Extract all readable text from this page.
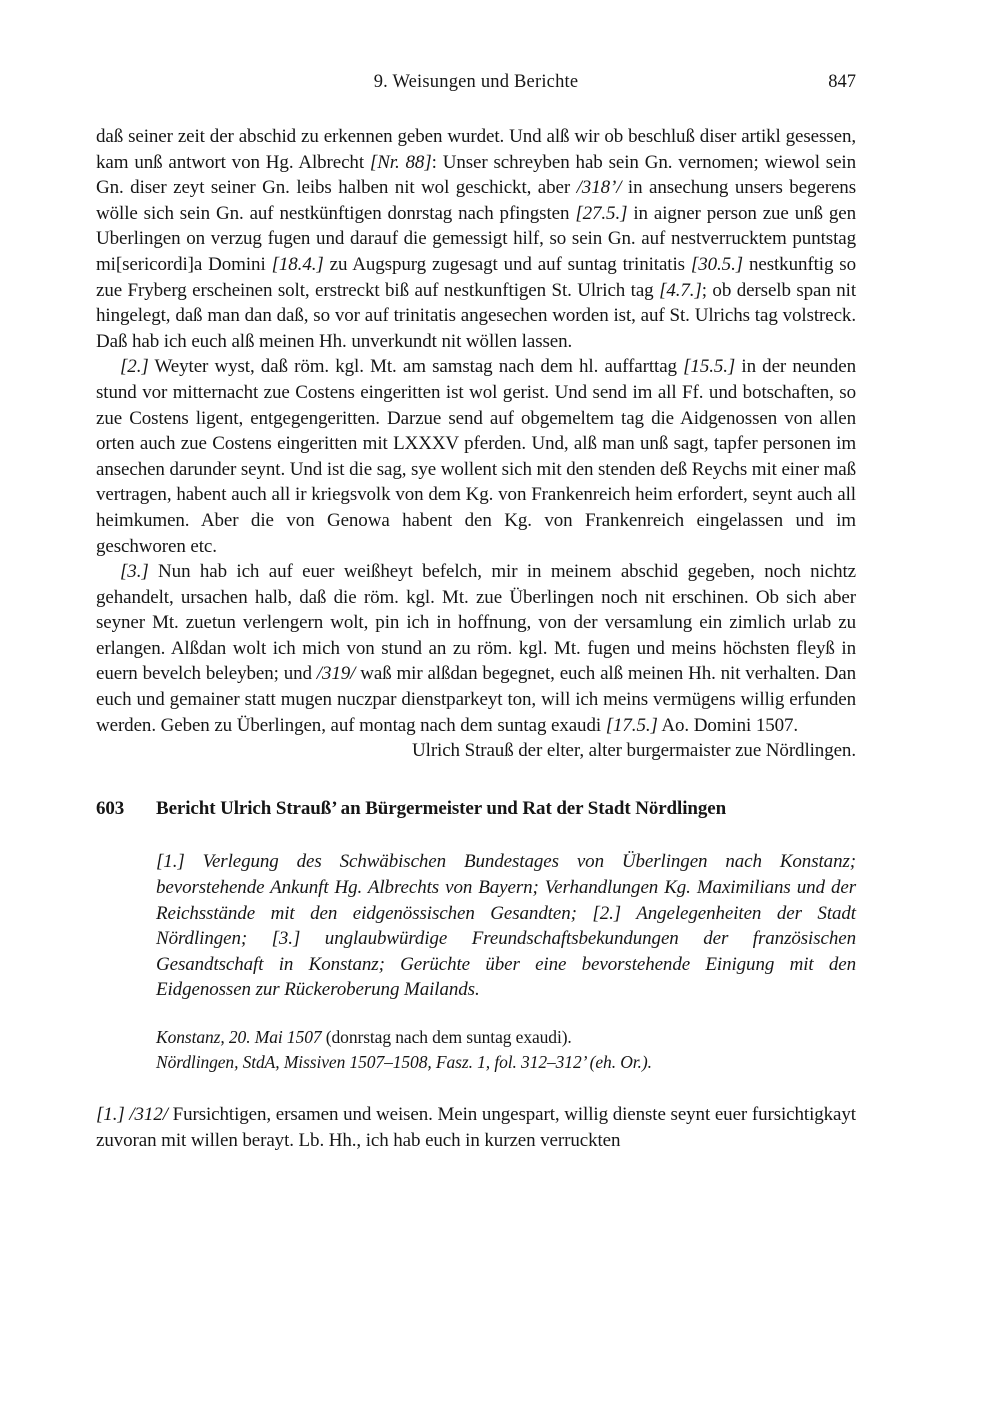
9. Weisungen und Berichte	847

daß seiner zeit der abschid zu erkennen geben wurdet. Und alß wir ob beschluß diser artikl gesessen, kam unß antwort von Hg. Albrecht [Nr. 88]: Unser schreyben hab sein Gn. vernomen; wiewol sein Gn. diser zeyt seiner Gn. leibs halben nit wol geschickt, aber /318’/ in ansechung unsers begerens wölle sich sein Gn. auf nestkünftigen donrstag nach pfingsten [27.5.] in aigner person zue unß gen Uberlingen on verzug fugen und darauf die gemessigt hilf, so sein Gn. auf nestverrucktem puntstag mi[sericordi]a Domini [18.4.] zu Augspurg zugesagt und auf suntag trinitatis [30.5.] nestkunftig so zue Fryberg erscheinen solt, erstreckt biß auf nestkunftigen St. Ulrich tag [4.7.]; ob derselb span nit hingelegt, daß man dan daß, so vor auf trinitatis angesechen worden ist, auf St. Ulrichs tag volstreck. Daß hab ich euch alß meinen Hh. unverkundt nit wöllen lassen.

[2.] Weyter wyst, daß röm. kgl. Mt. am samstag nach dem hl. auffarttag [15.5.] in der neunden stund vor mitternacht zue Costens eingeritten ist wol gerist. Und send im all Ff. und botschaften, so zue Costens ligent, entgegengeritten. Darzue send auf obgemeltem tag die Aidgenossen von allen orten auch zue Costens eingeritten mit LXXXV pferden. Und, alß man unß sagt, tapfer personen im ansechen darunder seynt. Und ist die sag, sye wollent sich mit den stenden deß Reychs mit einer maß vertragen, habent auch all ir kriegsvolk von dem Kg. von Frankenreich heim erfordert, seynt auch all heimkumen. Aber die von Genowa habent den Kg. von Frankenreich eingelassen und im geschworen etc.

[3.] Nun hab ich auf euer weißheyt befelch, mir in meinem abschid gegeben, noch nichtz gehandelt, ursachen halb, daß die röm. kgl. Mt. zue Überlingen noch nit erschinen. Ob sich aber seyner Mt. zuetun verlengern wolt, pin ich in hoffnung, von der versamlung ein zimlich urlab zu erlangen. Alßdan wolt ich mich von stund an zu röm. kgl. Mt. fugen und meins höchsten fleyß in euern bevelch beleyben; und /319/ waß mir alßdan begegnet, euch alß meinen Hh. nit verhalten. Dan euch und gemainer statt mugen nuczpar dienstparkeyt ton, will ich meins vermügens willig erfunden werden. Geben zu Überlingen, auf montag nach dem suntag exaudi [17.5.] Ao. Domini 1507.

Ulrich Strauß der elter, alter burgermaister zue Nördlingen.

603	Bericht Ulrich Strauß’ an Bürgermeister und Rat der Stadt Nördlingen

[1.] Verlegung des Schwäbischen Bundestages von Überlingen nach Konstanz; bevorstehende Ankunft Hg. Albrechts von Bayern; Verhandlungen Kg. Maximilians und der Reichsstände mit den eidgenössischen Gesandten; [2.] Angelegenheiten der Stadt Nördlingen; [3.] unglaubwürdige Freundschaftsbekundungen der französischen Gesandtschaft in Konstanz; Gerüchte über eine bevorstehende Einigung mit den Eidgenossen zur Rückeroberung Mailands.

Konstanz, 20. Mai 1507 (donrstag nach dem suntag exaudi).

Nördlingen, StdA, Missiven 1507–1508, Fasz. 1, fol. 312–312’ (eh. Or.).

[1.] /312/ Fursichtigen, ersamen und weisen. Mein ungespart, willig dienste seynt euer fursichtigkayt zuvoran mit willen berayt. Lb. Hh., ich hab euch in kurzen verruckten
